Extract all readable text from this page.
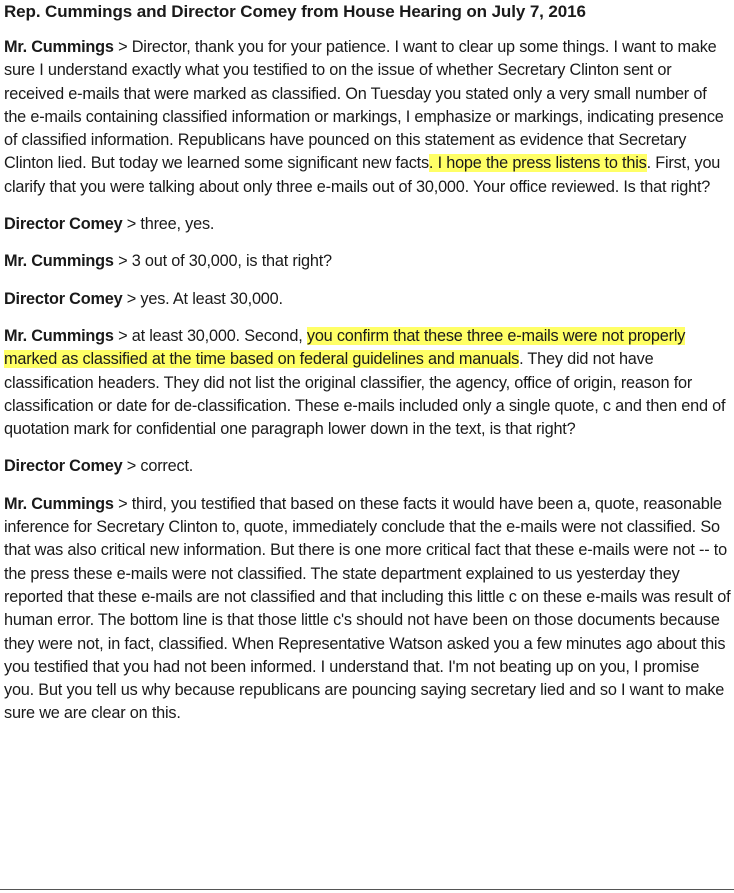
Rep. Cummings and Director Comey from House Hearing on July 7, 2016

Mr. Cummings > Director, thank you for your patience. I want to clear up some things. I want to make sure I understand exactly what you testified to on the issue of whether Secretary Clinton sent or received e-mails that were marked as classified. On Tuesday you stated only a very small number of the e-mails containing classified information or markings, I emphasize or markings, indicating presence of classified information. Republicans have pounced on this statement as evidence that Secretary Clinton lied. But today we learned some significant new facts. I hope the press listens to this. First, you clarify that you were talking about only three e-mails out of 30,000. Your office reviewed. Is that right?

Director Comey > three, yes.

Mr. Cummings > 3 out of 30,000, is that right?

Director Comey > yes. At least 30,000.

Mr. Cummings > at least 30,000. Second, you confirm that these three e-mails were not properly marked as classified at the time based on federal guidelines and manuals. They did not have classification headers. They did not list the original classifier, the agency, office of origin, reason for classification or date for de-classification. These e-mails included only a single quote, c and then end of quotation mark for confidential one paragraph lower down in the text, is that right?

Director Comey > correct.

Mr. Cummings > third, you testified that based on these facts it would have been a, quote, reasonable inference for Secretary Clinton to, quote, immediately conclude that the e-mails were not classified. So that was also critical new information. But there is one more critical fact that these e-mails were not -- to the press these e-mails were not classified. The state department explained to us yesterday they reported that these e-mails are not classified and that including this little c on these e-mails was result of human error. The bottom line is that those little c's should not have been on those documents because they were not, in fact, classified. When Representative Watson asked you a few minutes ago about this you testified that you had not been informed. I understand that. I'm not beating up on you, I promise you. But you tell us why because republicans are pouncing saying secretary lied and so I want to make sure we are clear on this.
